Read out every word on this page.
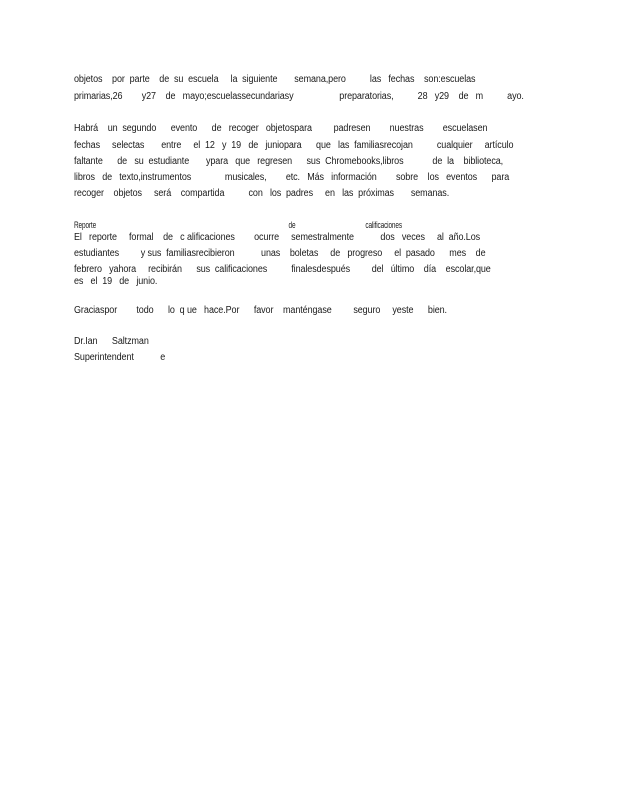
objetos    por  parte    de  su  escuela     la  siguiente       semana,pero          las   fechas    son:escuelas
primarias,26        y27    de   mayo;escuelassecundariasy                   preparatorias,          28   y29    de   m          ayo.
Habrá    un  segundo      evento      de   recoger   objetospara         padresen        nuestras        escuelasen
fechas     selectas       entre     el  12   y  19   de   juniopara      que   las  familiasrecojan          cualquier     artículo
faltante      de   su  estudiante       ypara   que   regresen      sus  Chromebooks,libros            de  la    biblioteca,
libros   de   texto,instrumentos              musicales,        etc.   Más   información        sobre    los   eventos      para
recoger    objetos     será    compartida          con   los  padres     en   las  próximas       semanas.
Reporte           de    calificaciones
El   reporte     formal    de   c alificaciones        ocurre     semestralmente           dos   veces     al  año.Los
estudiantes         y sus  familiasrecibieron           unas    boletas     de   progreso     el  pasado      mes    de
febrero   yahora     recibirán      sus  calificaciones          finalesdespués         del   último    día    escolar,que
es   el  19   de   junio.
Graciaspor        todo      lo  q ue   hace.Por      favor    manténgase         seguro     yeste      bien.
Dr.Ian      Saltzman
Superintendent           e
